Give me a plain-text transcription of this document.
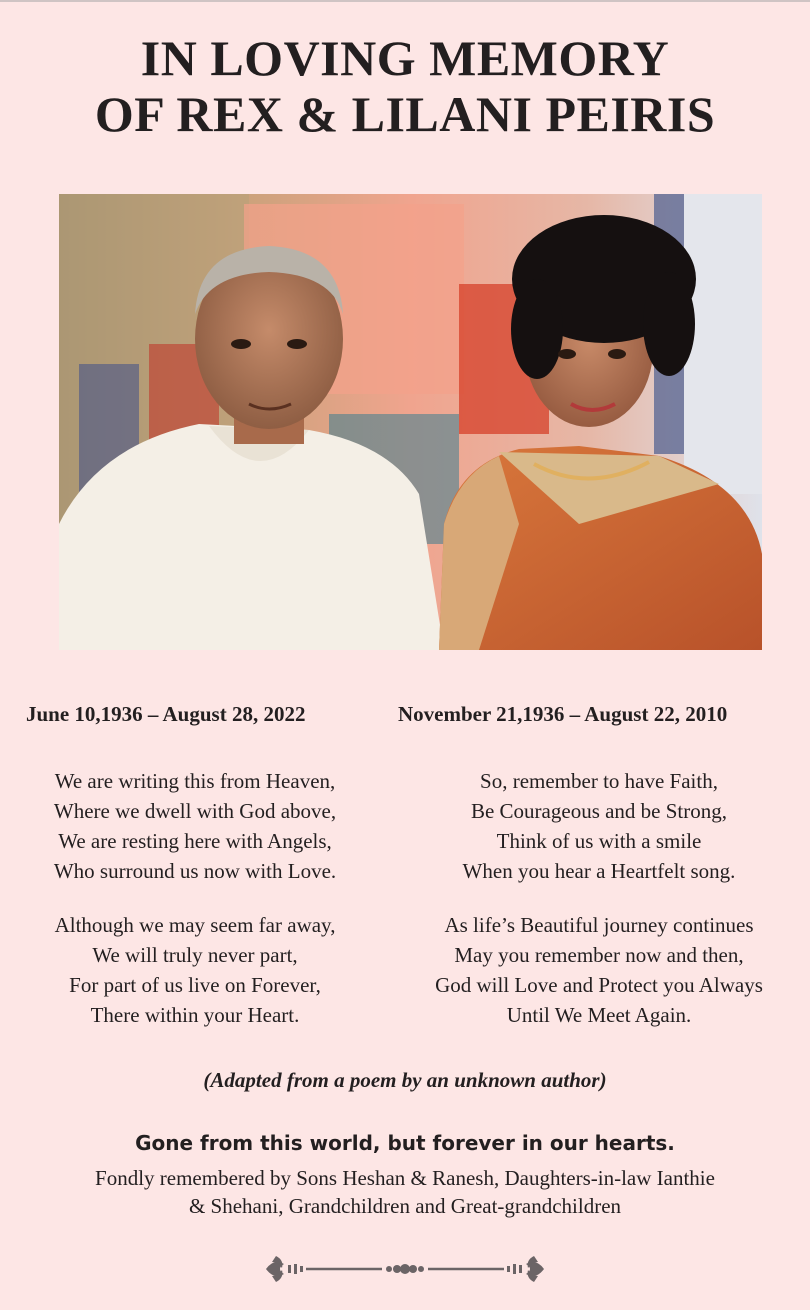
IN LOVING MEMORY
OF REX & LILANI PEIRIS
June 10,1936 – August 28, 2022	November 21,1936 – August 22, 2010
We are writing this from Heaven,
Where we dwell with God above,
We are resting here with Angels,
Who surround us now with Love.
Although we may seem far away,
We will truly never part,
For part of us live on Forever,
There within your Heart.
So, remember to have Faith,
Be Courageous and be Strong,
Think of us with a smile
When you hear a Heartfelt song.
As life’s Beautiful journey continues
May you remember now and then,
God will Love and Protect you Always
Until We Meet Again.
(Adapted from a poem by an unknown author)
Gone from this world, but forever in our hearts.
Fondly remembered by Sons Heshan & Ranesh, Daughters-in-law Ianthie
& Shehani, Grandchildren and Great-grandchildren
